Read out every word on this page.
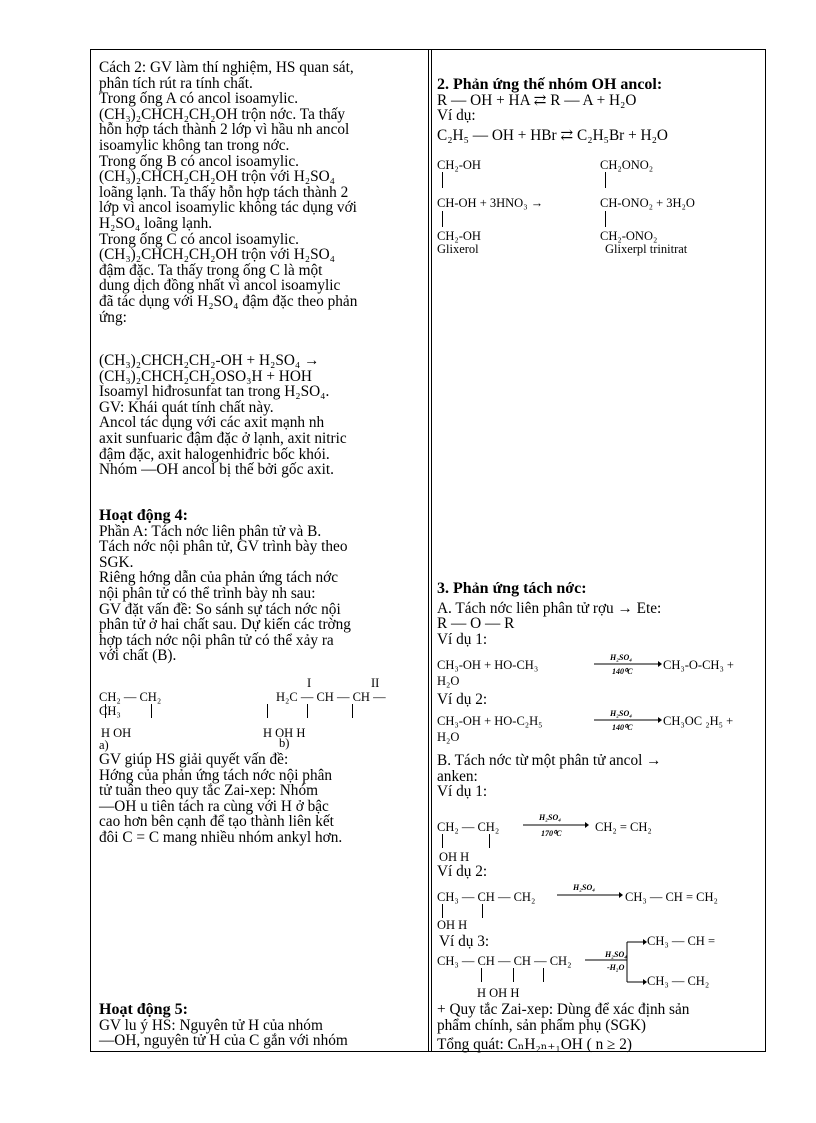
Cách 2: GV làm thí nghiệm, HS quan sát,
phân tích rút ra tính chất.
Trong ống A có ancol isoamylic.
(CH₃)₂CHCH₂CH₂OH trộn nớc. Ta thấy
hỗn hợp tách thành 2 lớp vì hầu nh ancol
isoamylic không tan trong nớc.
Trong ống B có ancol isoamylic.
(CH₃)₂CHCH₂CH₂OH trộn với H₂SO₄
loãng lạnh. Ta thấy hỗn hợp tách thành 2
lớp vì ancol isoamylic không tác dụng với
H₂SO₄ loãng lạnh.
Trong ống C có ancol isoamylic.
(CH₃)₂CHCH₂CH₂OH trộn với H₂SO₄
đậm đặc. Ta thấy trong ống C là một
dung dịch đồng nhất vì ancol isoamylic
đã tác dụng với H₂SO₄ đậm đặc theo phản
ứng:
(CH₃)₂CHCH₂CH₂-OH + H₂SO₄ →
(CH₃)₂CHCH₂CH₂OSO₃H + HOH
Isoamyl hiđrosunfat tan trong H₂SO₄.
GV: Khái quát tính chất này.
Ancol tác dụng với các axit mạnh nh
axit sunfuaric đậm đặc ở lạnh, axit nitric
đậm đặc, axit halogenhiđric bốc khói.
Nhóm —OH ancol bị thế bởi gốc axit.
Hoạt động 4:
Phần A: Tách nớc liên phân tử và B.
Tách nớc nội phân tử, GV trình bày theo
SGK.
Riêng hớng dẫn của phản ứng tách nớc
nội phân tử có thể trình bày nh sau:
GV đặt vấn đề: So sánh sự tách nớc nội
phân tử ở hai chất sau. Dự kiến các trờng
hợp tách nớc nội phân tử có thể xảy ra
với chất (B).
I	II
CH₂ — CH₂
CH₃
H₂C — CH — CH —
H OH	H OH H
a)	b)
GV giúp HS giải quyết vấn đề:
Hớng của phản ứng tách nớc nội phân
tử tuân theo quy tắc Zai-xep: Nhóm
—OH u tiên tách ra cùng với H ở bậc
cao hơn bên cạnh để tạo thành liên kết
đôi C = C mang nhiều nhóm ankyl hơn.
Hoạt động 5:
GV lu ý HS: Nguyên tử H của nhóm
—OH, nguyên tử H của C gắn với nhóm
2. Phản ứng thế nhóm OH ancol:
R — OH + HA ⇄ R — A + H₂O
Ví dụ:
C₂H₅ — OH + HBr ⇄ C₂H₅Br + H₂O
CH₂-OH	CH₂ONO₂
CH-OH + 3HNO₃ →	CH-ONO₂ + 3H₂O
CH₂-OH	CH₂-ONO₂
Glixerol	Glixerpl trinitrat
3. Phản ứng tách nớc:
A. Tách nớc liên phân tử rợu → Ete:
R — O — R
Ví dụ 1:
CH₃-OH + HO-CH₃
H₂SO₄
140⁰C CH₃-O-CH₃ +
H₂O
Ví dụ 2:
CH₃-OH + HO-C₂H₅
H₂SO₄
140⁰C CH₃OC ₂H₅ +
H₂O
B. Tách nớc từ một phân tử ancol →
anken:
Ví dụ 1:
CH₂ — CH₂
H₂SO₄
170⁰C	CH₂ = CH₂
OH H
Ví dụ 2:
CH₃ — CH — CH₂
H₂SO₄
CH₃ — CH = CH₂
OH H
Ví dụ 3:
CH₃ — CH — CH — CH₂	H₂SO₄
-H₂O
CH₃ — CH =
CH₃ — CH₂
H OH H
+ Quy tắc Zai-xep: Dùng để xác định sản
phẩm chính, sản phẩm phụ (SGK)
Tổng quát: CₙH₂ₙ₊₁OH ( n ≥ 2)
